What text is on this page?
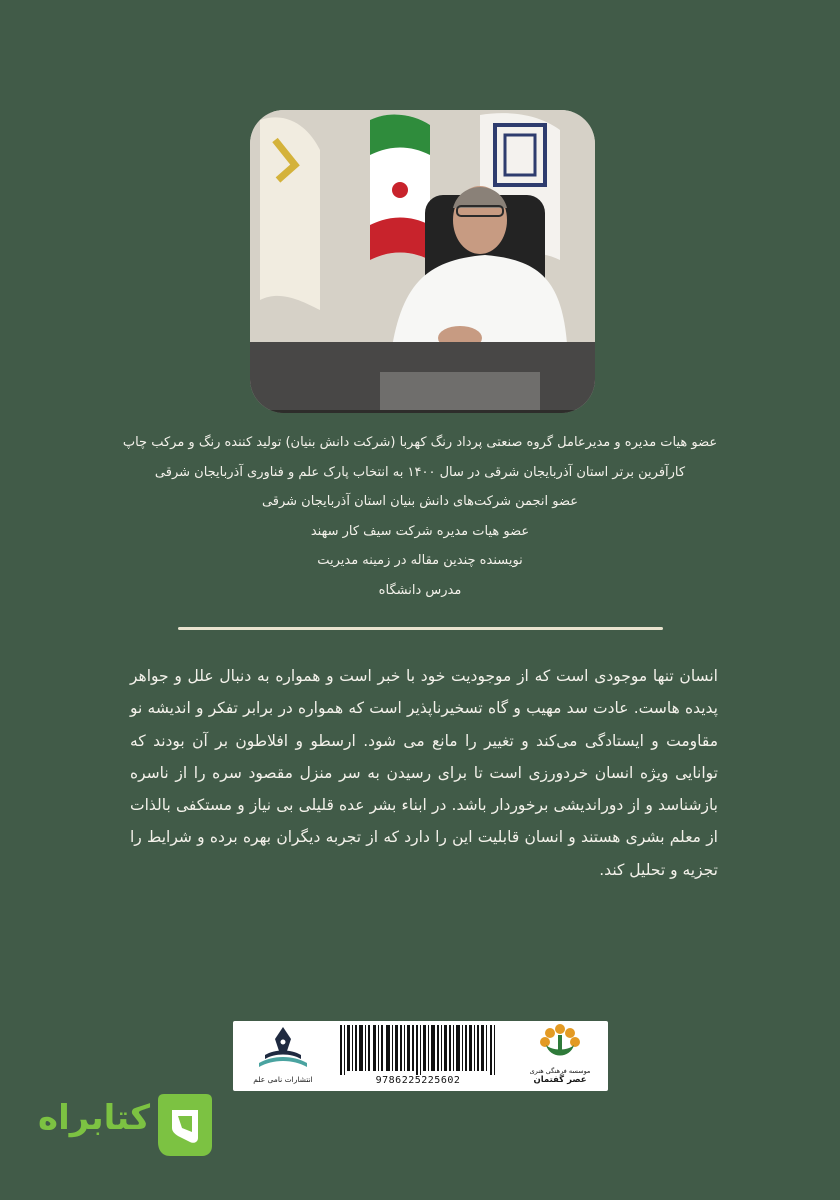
عضو هیات مدیره و مدیرعامل گروه صنعتی پرداد رنگ کهربا (شرکت دانش بنیان) تولید کننده رنگ و مرکب چاپ
کارآفرین برتر استان آذربایجان شرقی در سال ۱۴۰۰ به انتخاب پارک علم و فناوری آذربایجان شرقی
عضو انجمن شرکت‌های دانش بنیان استان آذربایجان شرقی
عضو هیات مدیره شرکت سیف کار سهند
نویسنده چندین مقاله در زمینه مدیریت
مدرس دانشگاه
انسان تنها موجودی است که از موجودیت خود با خبر است و همواره به دنبال علل و جواهر پدیده هاست. عادت سد مهیب و گاه تسخیرناپذیر است که همواره در برابر تفکر و اندیشه نو مقاومت و ایستادگی می‌کند و تغییر را مانع می شود. ارسطو و افلاطون بر آن بودند که توانایی ویژه انسان خردورزی است تا برای رسیدن به سر منزل مقصود سره را از ناسره بازشناسد و از دوراندیشی برخوردار باشد. در ابناء بشر عده قلیلی بی نیاز و مستکفی بالذات از معلم بشری هستند و انسان قابلیت این را دارد که از تجربه دیگران بهره برده و شرایط را تجزیه و تحلیل کند.
انتشارات نامی علم	9786225225602
موسسه فرهنگی هنری
عصر گفتمان
کتابراه
